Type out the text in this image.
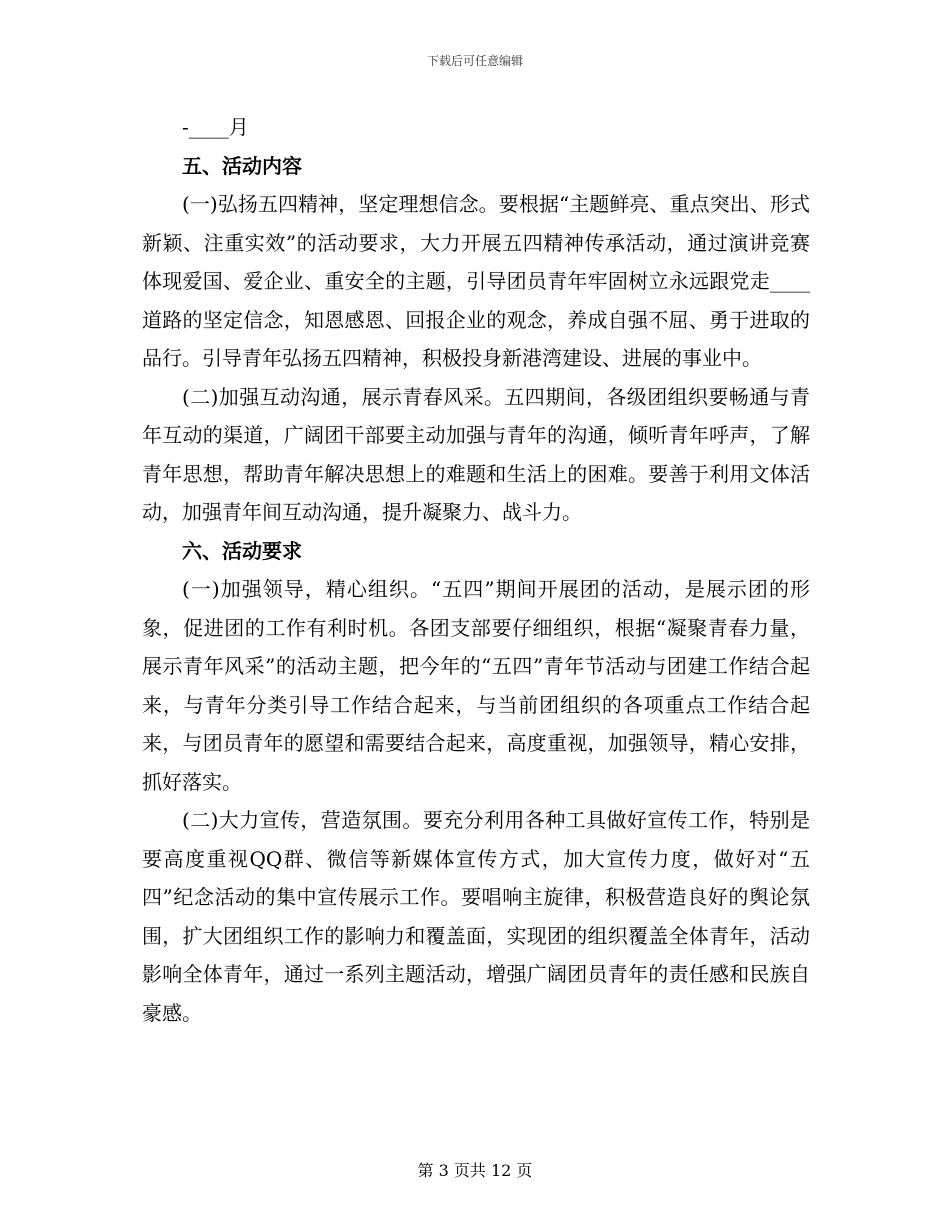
下载后可任意编辑

-____月

五、活动内容

(一)弘扬五四精神，坚定理想信念。要根据“主题鲜亮、重点突出、形式新颖、注重实效”的活动要求，大力开展五四精神传承活动，通过演讲竞赛体现爱国、爱企业、重安全的主题，引导团员青年牢固树立永远跟党走____道路的坚定信念，知恩感恩、回报企业的观念，养成自强不屈、勇于进取的品行。引导青年弘扬五四精神，积极投身新港湾建设、进展的事业中。

(二)加强互动沟通，展示青春风采。五四期间，各级团组织要畅通与青年互动的渠道，广阔团干部要主动加强与青年的沟通，倾听青年呼声，了解青年思想，帮助青年解决思想上的难题和生活上的困难。要善于利用文体活动，加强青年间互动沟通，提升凝聚力、战斗力。

六、活动要求

(一)加强领导，精心组织。“五四”期间开展团的活动，是展示团的形象，促进团的工作有利时机。各团支部要仔细组织，根据“凝聚青春力量，展示青年风采”的活动主题，把今年的“五四”青年节活动与团建工作结合起来，与青年分类引导工作结合起来，与当前团组织的各项重点工作结合起来，与团员青年的愿望和需要结合起来，高度重视，加强领导，精心安排，抓好落实。

(二)大力宣传，营造氛围。要充分利用各种工具做好宣传工作，特别是要高度重视QQ群、微信等新媒体宣传方式，加大宣传力度，做好对“五四”纪念活动的集中宣传展示工作。要唱响主旋律，积极营造良好的舆论氛围，扩大团组织工作的影响力和覆盖面，实现团的组织覆盖全体青年，活动影响全体青年，通过一系列主题活动，增强广阔团员青年的责任感和民族自豪感。

第 3 页共 12 页
